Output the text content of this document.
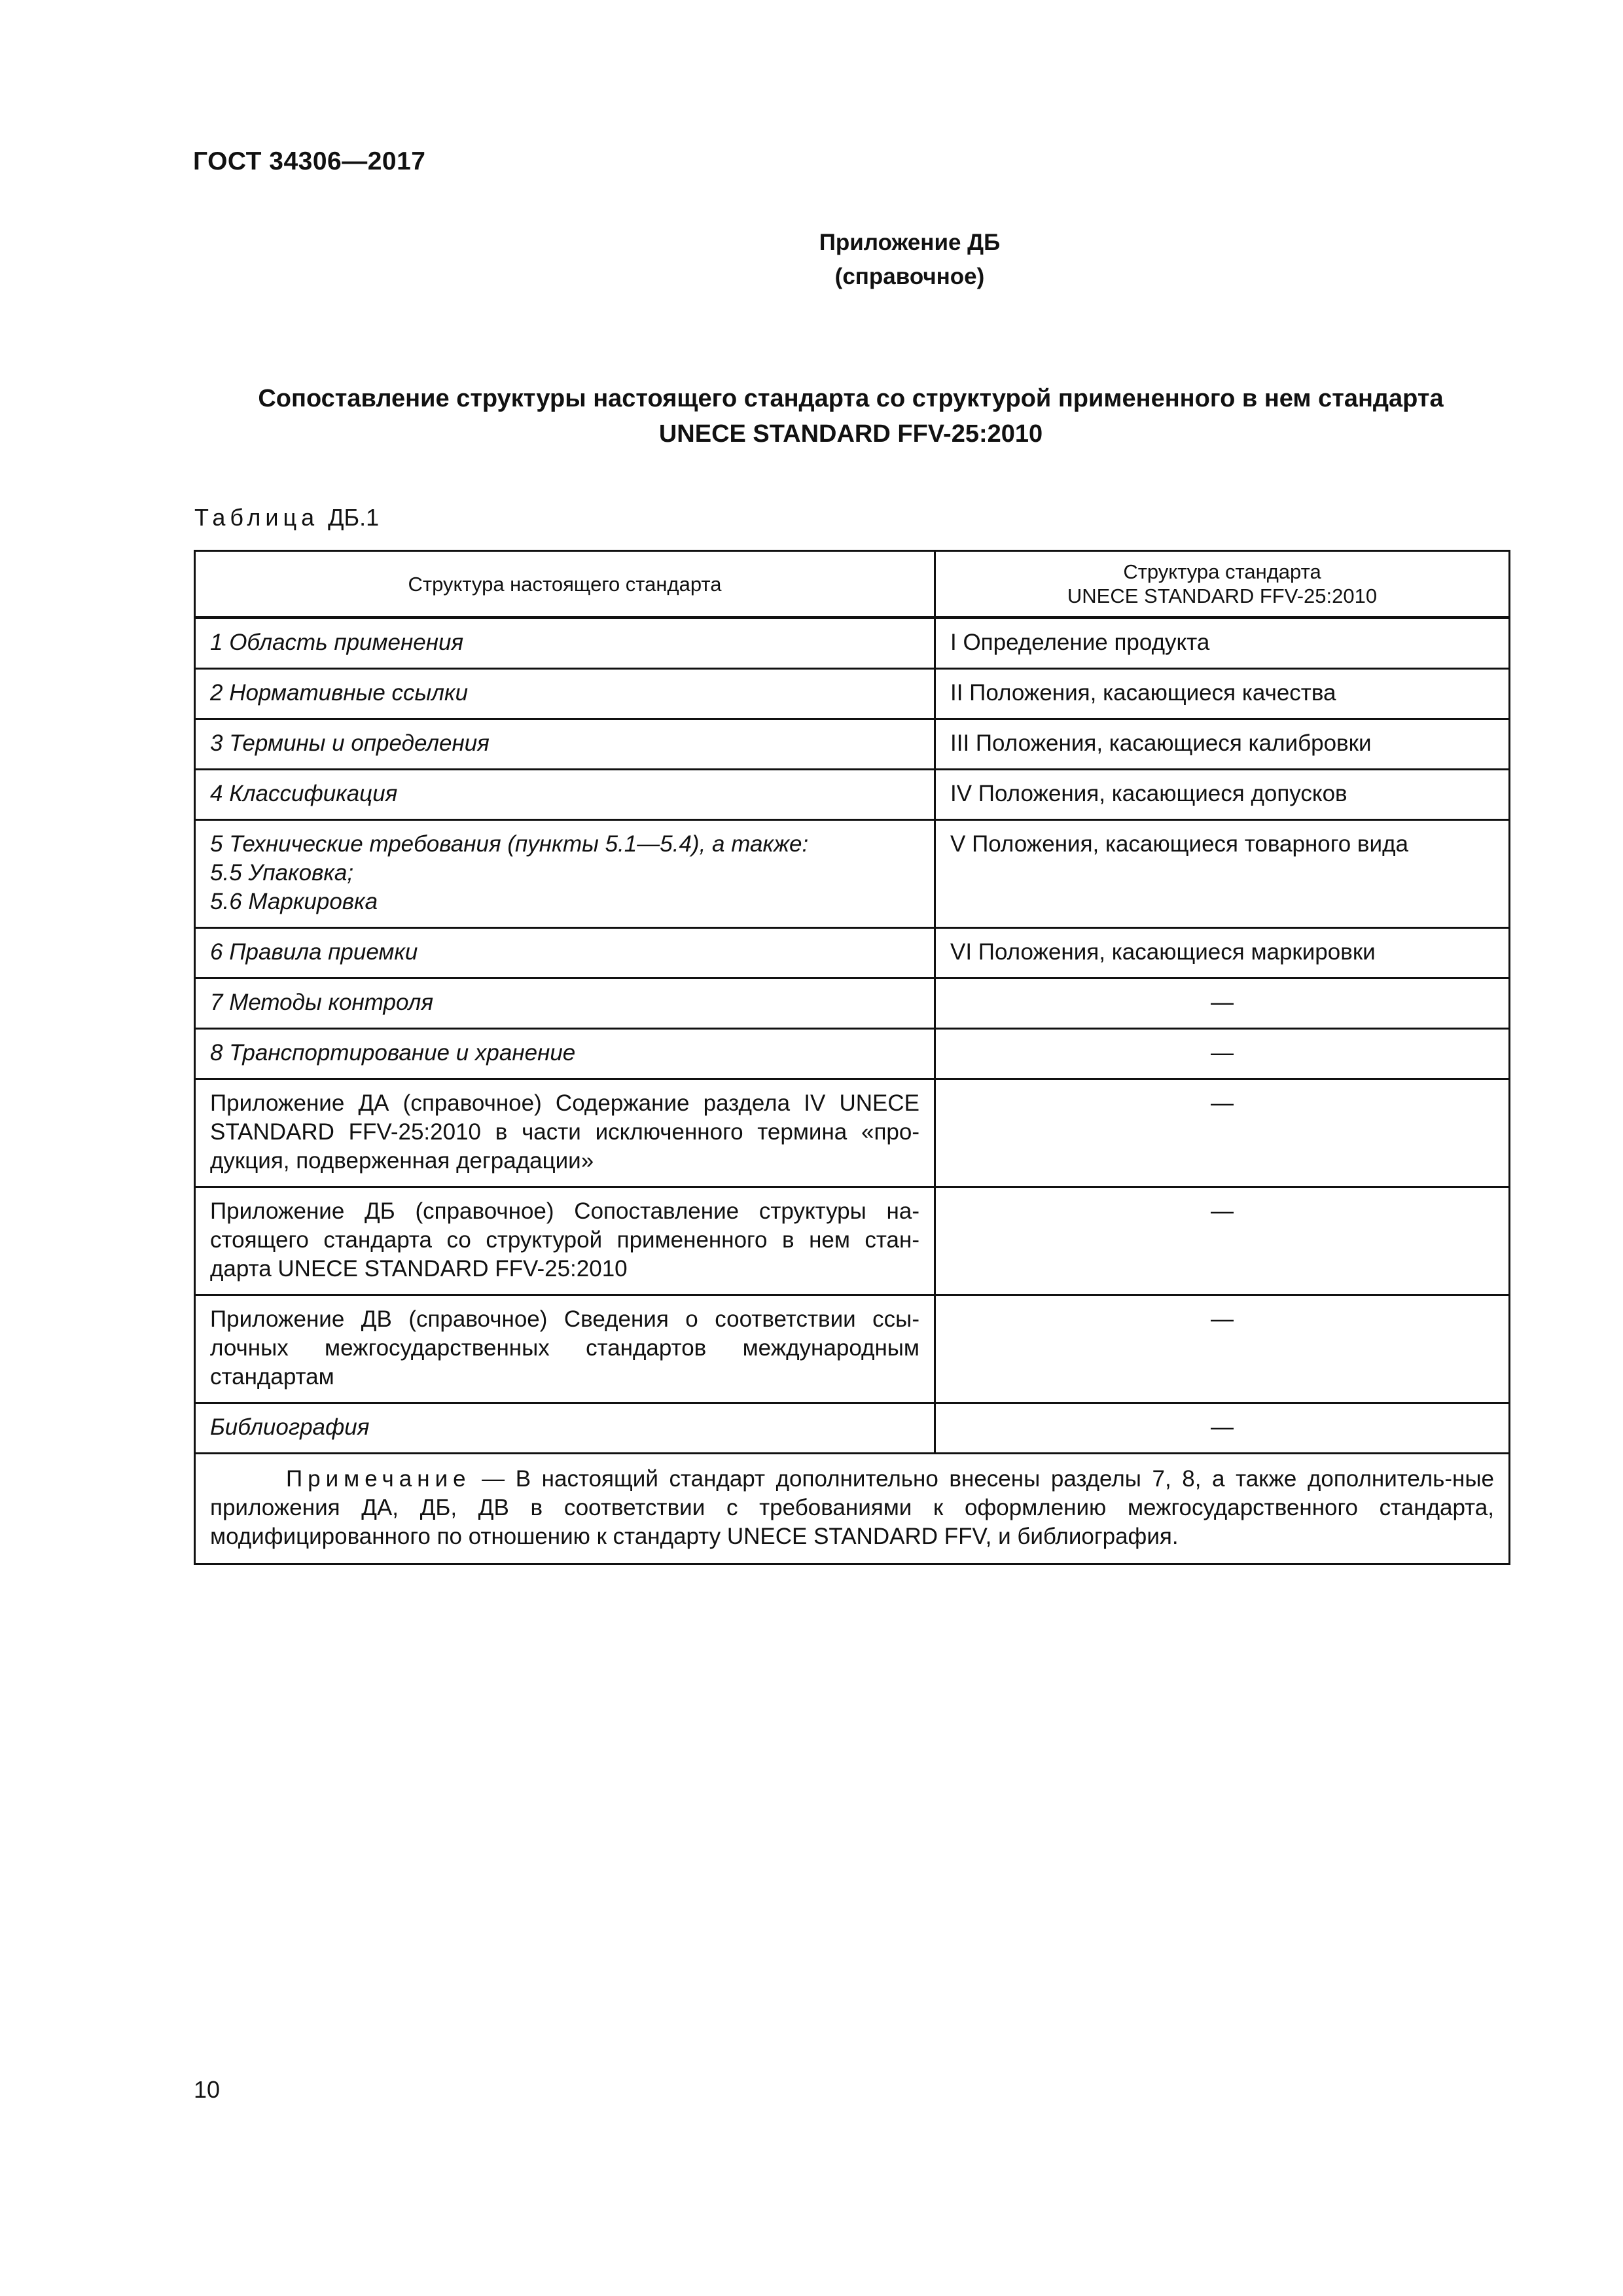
ГОСТ 34306—2017
Приложение ДБ
(справочное)
Сопоставление структуры настоящего стандарта со структурой примененного в нем стандарта
UNECE STANDARD FFV-25:2010
Таблица ДБ.1
Структура настоящего стандарта	Структура стандарта
UNECE STANDARD FFV-25:2010

1 Область применения	I Определение продукта
2 Нормативные ссылки	II Положения, касающиеся качества
3 Термины и определения	III Положения, касающиеся калибровки
4 Классификация	IV Положения, касающиеся допусков

5 Технические требования (пункты 5.1—5.4), а также:
5.5 Упаковка;
5.6 Маркировка	V Положения, касающиеся товарного вида
6 Правила приемки	VI Положения, касающиеся маркировки
7 Методы контроля	—
8 Транспортирование и хранение	—
Приложение ДА (справочное) Содержание раздела IV UNECE STANDARD FFV-25:2010 в части исключенного термина «про-дукция, подверженная деградации»	—
Приложение ДБ (справочное) Сопоставление структуры на-стоящего стандарта со структурой примененного в нем стан-дарта UNECE STANDARD FFV-25:2010	—
Приложение ДВ (справочное) Сведения о соответствии ссы-лочных межгосударственных стандартов международным стандартам	—
Библиография	—
Примечание — В настоящий стандарт дополнительно внесены разделы 7, 8, а также дополнитель-ные приложения ДА, ДБ, ДВ в соответствии с требованиями к оформлению межгосударственного стандарта, модифицированного по отношению к стандарту UNECE STANDARD FFV, и библиография.	
10
